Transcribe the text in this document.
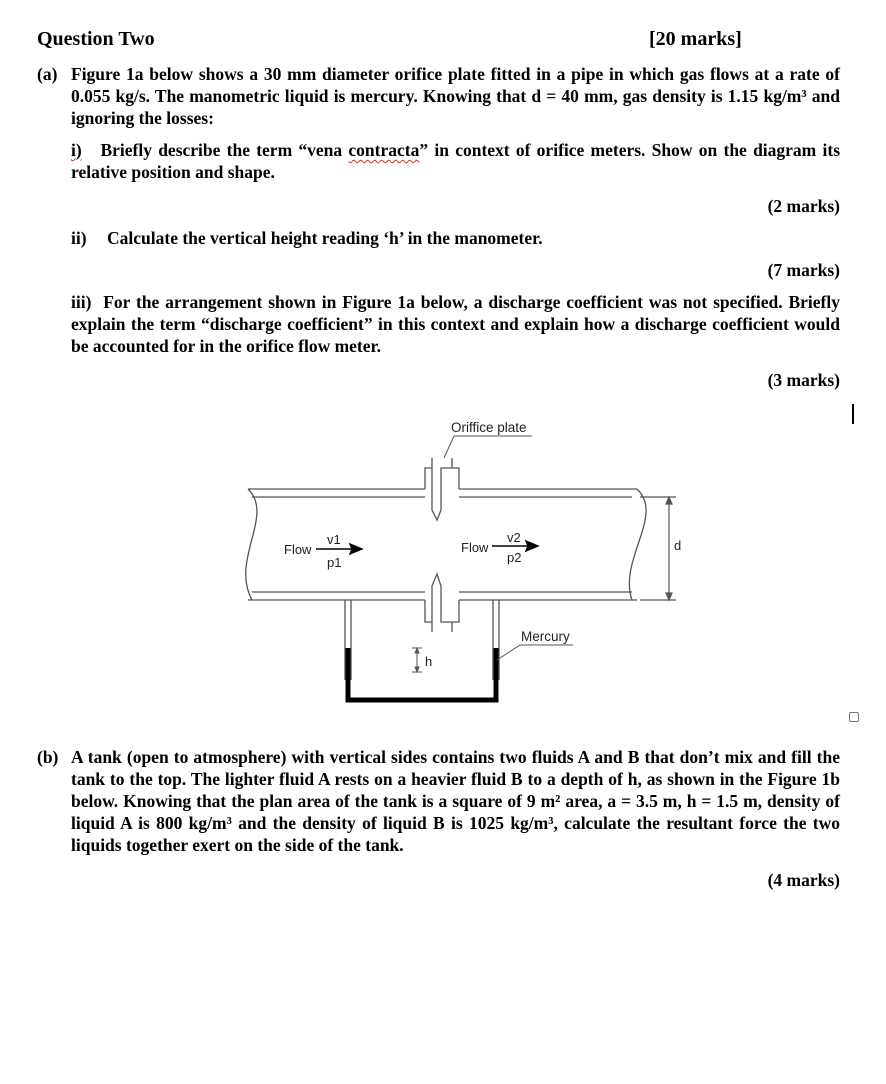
Question Two	[20 marks]
(a) Figure 1a below shows a 30 mm diameter orifice plate fitted in a pipe in which gas flows at a rate of 0.055 kg/s. The manometric liquid is mercury. Knowing that d = 40 mm, gas density is 1.15 kg/m³ and ignoring the losses:
i) Briefly describe the term “vena contracta” in context of orifice meters. Show on the diagram its relative position and shape.
(2 marks)
ii) Calculate the vertical height reading ‘h’ in the manometer.
(7 marks)
iii) For the arrangement shown in Figure 1a below, a discharge coefficient was not specified. Briefly explain the term “discharge coefficient” in this context and explain how a discharge coefficient would be accounted for in the orifice flow meter.
(3 marks)
Oriffice plate
Flow
v1
p1
Flow
v2
p2
d
Mercury
h
(b) A tank (open to atmosphere) with vertical sides contains two fluids A and B that don’t mix and fill the tank to the top. The lighter fluid A rests on a heavier fluid B to a depth of h, as shown in the Figure 1b below. Knowing that the plan area of the tank is a square of 9 m² area, a = 3.5 m, h = 1.5 m, density of liquid A is 800 kg/m³ and the density of liquid B is 1025 kg/m³, calculate the resultant force the two liquids together exert on the side of the tank.
(4 marks)
